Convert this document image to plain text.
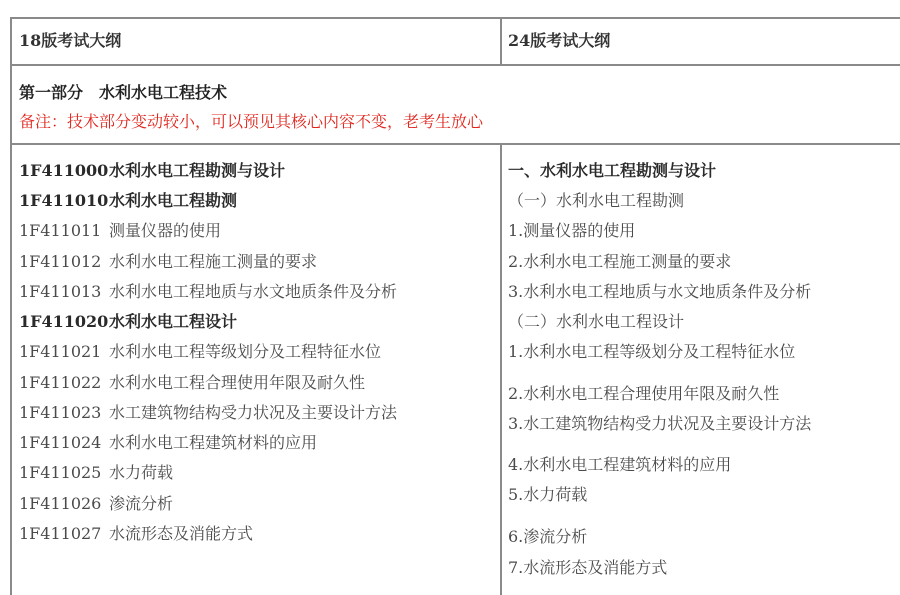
18版考试大纲	24版考试大纲
第一部分　水利水电工程技术
备注：技术部分变动较小，可以预见其核心内容不变，老考生放心
1F411000水利水电工程勘测与设计
1F411010水利水电工程勘测
1F411011 测量仪器的使用
1F411012 水利水电工程施工测量的要求
1F411013 水利水电工程地质与水文地质条件及分析
1F411020水利水电工程设计
1F411021 水利水电工程等级划分及工程特征水位
1F411022 水利水电工程合理使用年限及耐久性
1F411023 水工建筑物结构受力状况及主要设计方法
1F411024 水利水电工程建筑材料的应用
1F411025 水力荷载
1F411026 渗流分析
1F411027 水流形态及消能方式
一、水利水电工程勘测与设计
（一）水利水电工程勘测
1.测量仪器的使用
2.水利水电工程施工测量的要求
3.水利水电工程地质与水文地质条件及分析
（二）水利水电工程设计
1.水利水电工程等级划分及工程特征水位
2.水利水电工程合理使用年限及耐久性
3.水工建筑物结构受力状况及主要设计方法
4.水利水电工程建筑材料的应用
5.水力荷载
6.渗流分析
7.水流形态及消能方式
